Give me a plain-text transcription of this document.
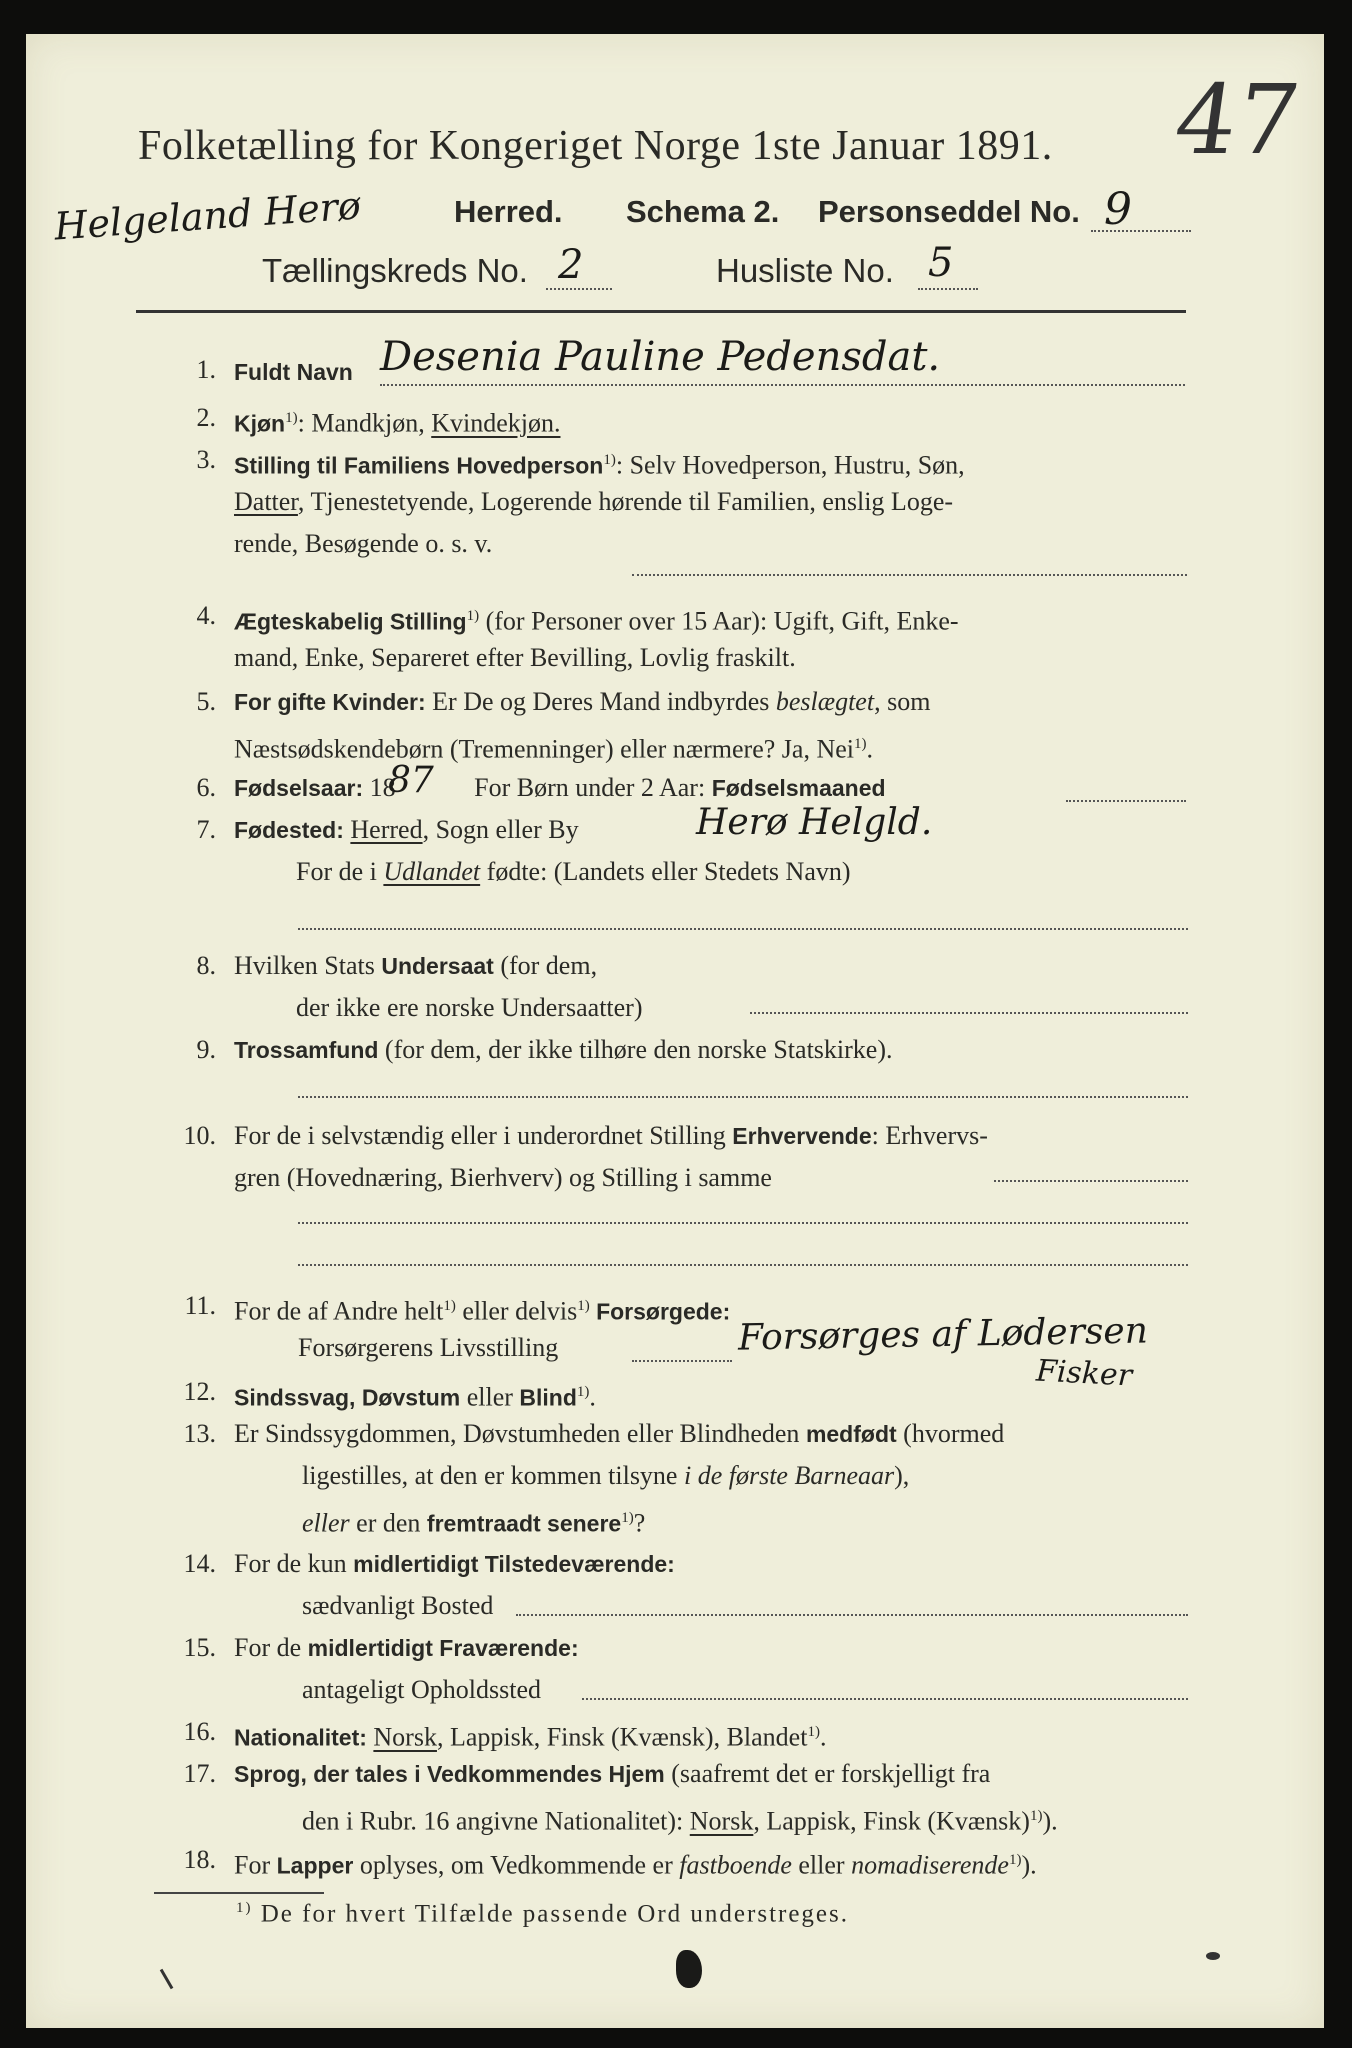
Folketælling for Kongeriget Norge 1ste Januar 1891. 47
Helgeland Herø	Herred. Schema 2. Personseddel No. 9
Tællingskreds No. 2	Husliste No. 5
1. Fuldt Navn Desenia Pauline Pedensdat.
2. Kjøn$^{1)}$: Mandkjøn, Kvindekjøn.
3. Stilling til Familiens Hovedperson$^{1)}$: Selv Hovedperson, Hustru, Søn,
Datter, Tjenestetyende, Logerende hørende til Familien, enslig Loge-
rende, Besøgende o. s. v.
4. Ægteskabelig Stilling$^{1)}$ (for Personer over 15 Aar): Ugift, Gift, Enke-
mand, Enke, Separeret efter Bevilling, Lovlig fraskilt.
5. For gifte Kvinder: Er De og Deres Mand indbyrdes beslægtet, som
Næstsødskendebørn (Tremenninger) eller nærmere? Ja, Nei$^{1)}$.
6. Fødselsaar: 18	For Børn under 2 Aar: Fødselsmaaned
87
7. Fødested: Herred, Sogn eller By
For de i Udlandet fødte: (Landets eller Stedets Navn)
Herø Helgld.
8. Hvilken Stats Undersaat (for dem,
der ikke ere norske Undersaatter)
9. Trossamfund (for dem, der ikke tilhøre den norske Statskirke).
10. For de i selvstændig eller i underordnet Stilling Erhvervende: Erhvervs-
gren (Hovednæring, Bierhverv) og Stilling i samme
11. For de af Andre helt$^{1)}$ eller delvis$^{1)}$ Forsørgede:
Forsørgerens Livsstilling	Forsørges af Lødersen
Fisker
12. Sindssvag, Døvstum eller Blind$^{1)}$.
13. Er Sindssygdommen, Døvstumheden eller Blindheden medfødt (hvormed
ligestilles, at den er kommen tilsyne i de første Barneaar),
eller er den fremtraadt senere$^{1)}$?
14. For de kun midlertidigt Tilstedeværende:
sædvanligt Bosted
15. For de midlertidigt Fraværende:
antageligt Opholdssted
16. Nationalitet: Norsk, Lappisk, Finsk (Kvænsk), Blandet$^{1)}$.
17. Sprog, der tales i Vedkommendes Hjem (saafremt det er forskjelligt fra
den i Rubr. 16 angivne Nationalitet): Norsk, Lappisk, Finsk (Kvænsk)$^{1)}$).
18. For Lapper oplyses, om Vedkommende er fastboende eller nomadiserende$^{1)}$).
$^{1)}$ De for hvert Tilfælde passende Ord understreges.
